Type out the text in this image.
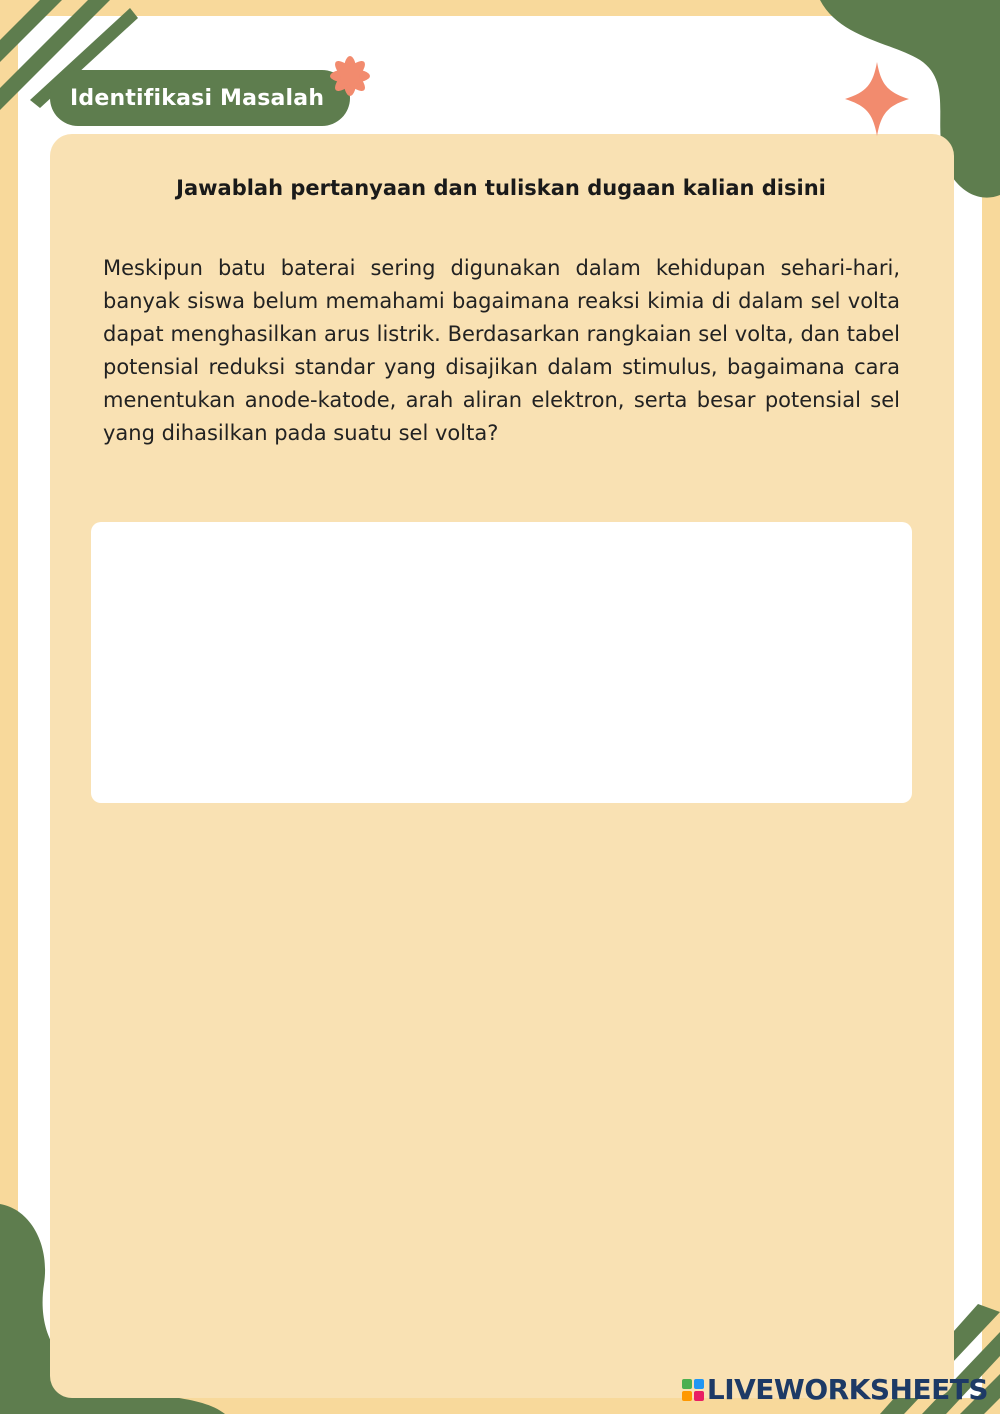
Identifikasi Masalah
Jawablah pertanyaan dan tuliskan dugaan kalian disini

Meskipun batu baterai sering digunakan dalam kehidupan sehari-hari, banyak siswa belum memahami bagaimana reaksi kimia di dalam sel volta dapat menghasilkan arus listrik. Berdasarkan rangkaian sel volta, dan tabel potensial reduksi standar yang disajikan dalam stimulus, bagaimana cara menentukan anode-katode, arah aliran elektron, serta besar potensial sel yang dihasilkan pada suatu sel volta?

LIVEWORKSHEETS
